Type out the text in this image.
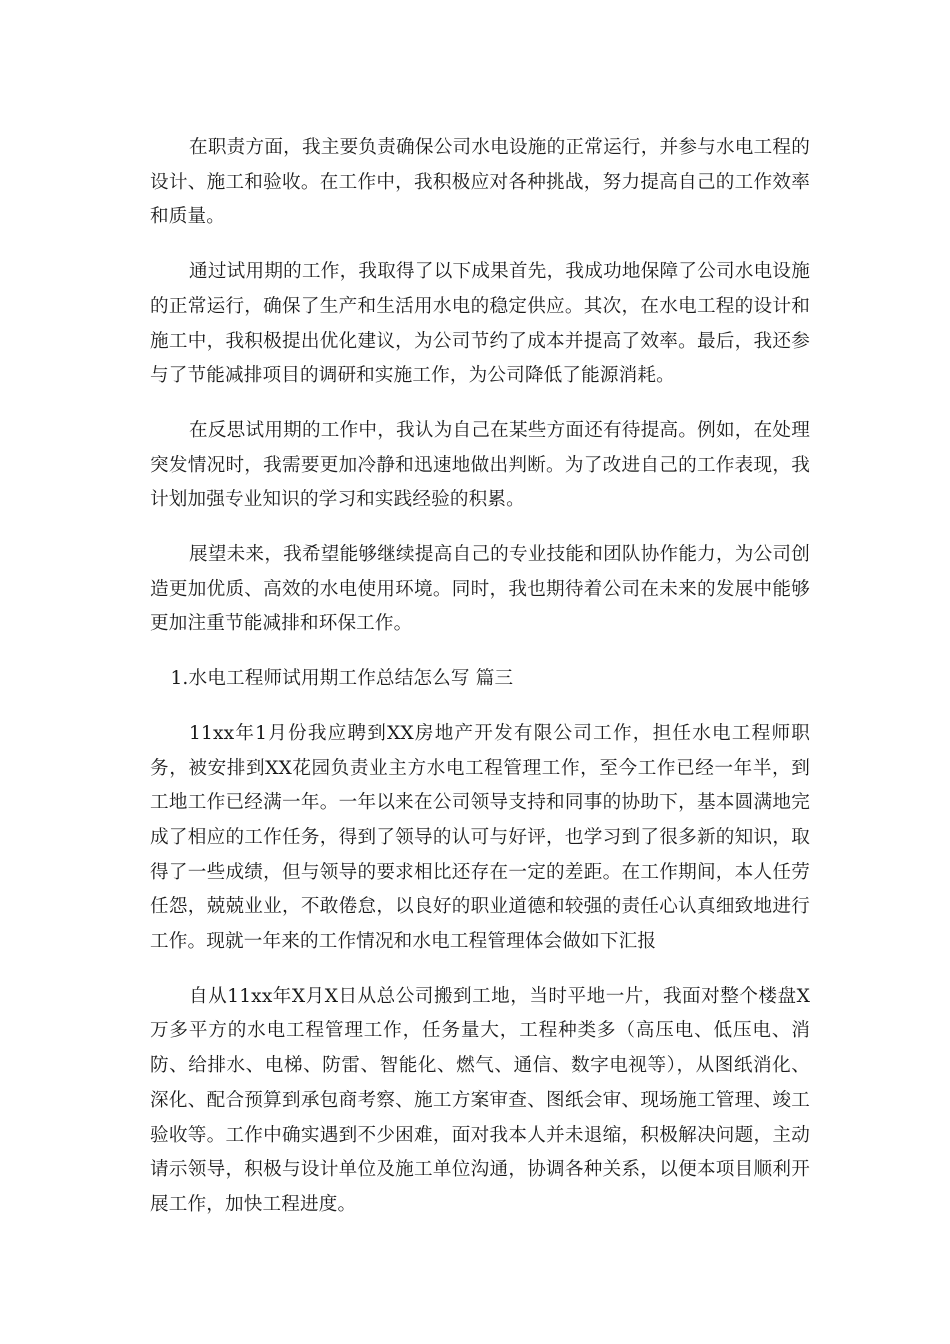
在职责方面，我主要负责确保公司水电设施的正常运行，并参与水电工程的设计、施工和验收。在工作中，我积极应对各种挑战，努力提高自己的工作效率和质量。

通过试用期的工作，我取得了以下成果首先，我成功地保障了公司水电设施的正常运行，确保了生产和生活用水电的稳定供应。其次，在水电工程的设计和施工中，我积极提出优化建议，为公司节约了成本并提高了效率。最后，我还参与了节能减排项目的调研和实施工作，为公司降低了能源消耗。

在反思试用期的工作中，我认为自己在某些方面还有待提高。例如，在处理突发情况时，我需要更加冷静和迅速地做出判断。为了改进自己的工作表现，我计划加强专业知识的学习和实践经验的积累。

展望未来，我希望能够继续提高自己的专业技能和团队协作能力，为公司创造更加优质、高效的水电使用环境。同时，我也期待着公司在未来的发展中能够更加注重节能减排和环保工作。

1.水电工程师试用期工作总结怎么写 篇三

11xx年1月份我应聘到XX房地产开发有限公司工作，担任水电工程师职务，被安排到XX花园负责业主方水电工程管理工作，至今工作已经一年半，到工地工作已经满一年。一年以来在公司领导支持和同事的协助下，基本圆满地完成了相应的工作任务，得到了领导的认可与好评，也学习到了很多新的知识，取得了一些成绩，但与领导的要求相比还存在一定的差距。在工作期间，本人任劳任怨，兢兢业业，不敢倦怠，以良好的职业道德和较强的责任心认真细致地进行工作。现就一年来的工作情况和水电工程管理体会做如下汇报

自从11xx年X月X日从总公司搬到工地，当时平地一片，我面对整个楼盘X万多平方的水电工程管理工作，任务量大，工程种类多（高压电、低压电、消防、给排水、电梯、防雷、智能化、燃气、通信、数字电视等），从图纸消化、深化、配合预算到承包商考察、施工方案审查、图纸会审、现场施工管理、竣工验收等。工作中确实遇到不少困难，面对我本人并未退缩，积极解决问题，主动请示领导，积极与设计单位及施工单位沟通，协调各种关系，以便本项目顺利开展工作，加快工程进度。
